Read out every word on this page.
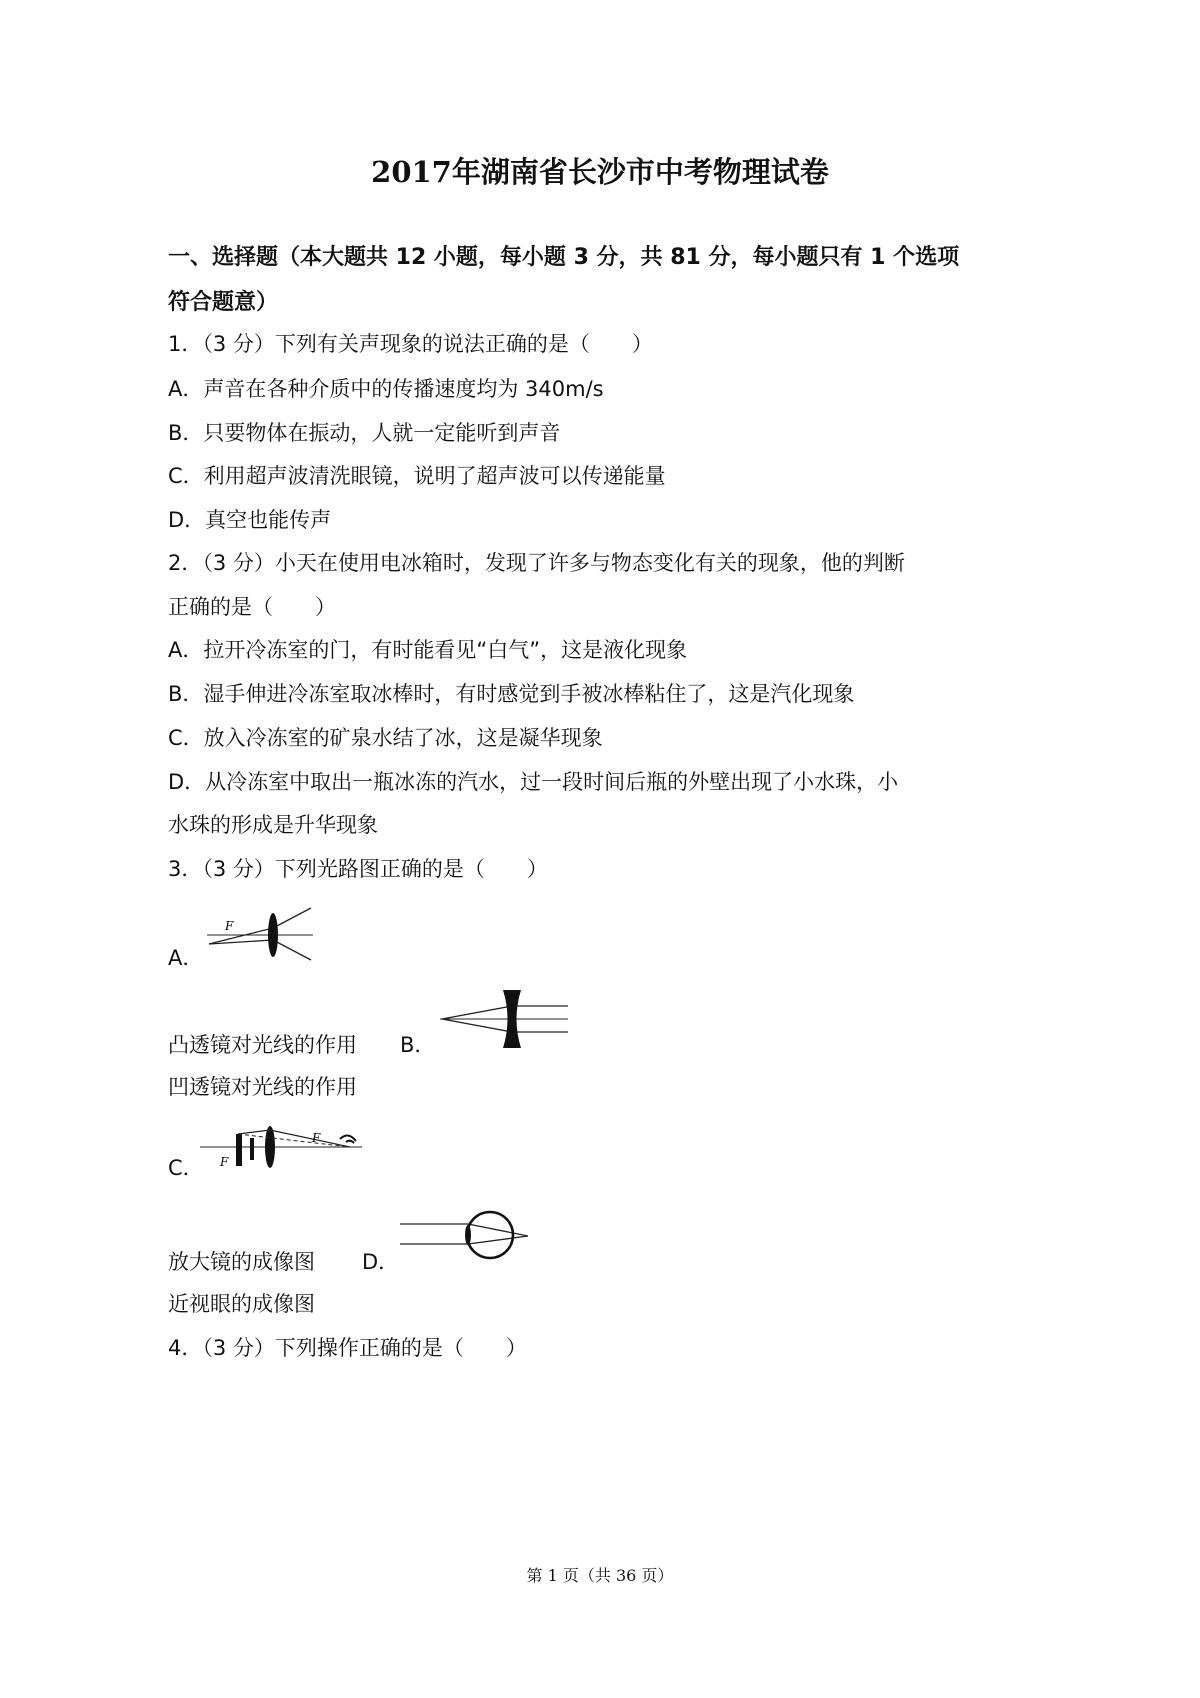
2017年湖南省长沙市中考物理试卷
一、选择题（本大题共 12 小题，每小题 3 分，共 81 分，每小题只有 1 个选项
符合题意）
1．（3 分）下列有关声现象的说法正确的是（　　）
A．声音在各种介质中的传播速度均为 340m/s
B．只要物体在振动，人就一定能听到声音
C．利用超声波清洗眼镜，说明了超声波可以传递能量
D．真空也能传声
2．（3 分）小天在使用电冰箱时，发现了许多与物态变化有关的现象，他的判断
正确的是（　　）
A．拉开冷冻室的门，有时能看见“白气”，这是液化现象
B．湿手伸进冷冻室取冰棒时，有时感觉到手被冰棒粘住了，这是汽化现象
C．放入冷冻室的矿泉水结了冰，这是凝华现象
D．从冷冻室中取出一瓶冰冻的汽水，过一段时间后瓶的外壁出现了小水珠，小
水珠的形成是升华现象
3．（3 分）下列光路图正确的是（　　）
A．
F
凸透镜对光线的作用 B．
凹透镜对光线的作用
C．
F
F
放大镜的成像图 D．
近视眼的成像图
4．（3 分）下列操作正确的是（　　）
第 1 页（共 36 页）
